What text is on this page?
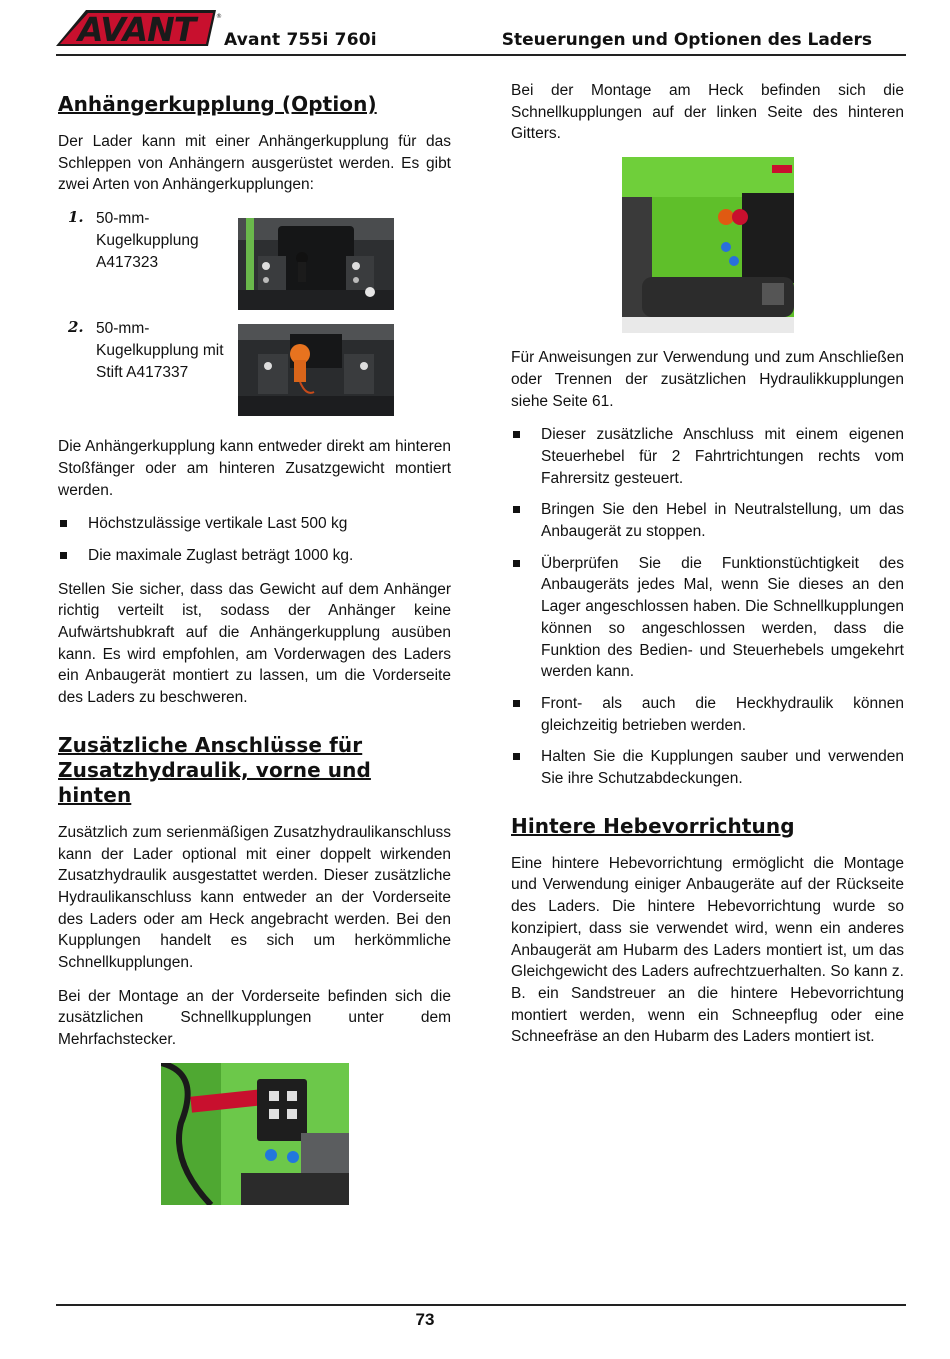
AVANT	®
Avant 755i 760i	Steuerungen und Optionen des Laders
Anhängerkupplung (Option)

Der Lader kann mit einer Anhängerkupplung für das Schleppen von Anhängern ausgerüstet werden. Es gibt zwei Arten von Anhängerkupplungen:

1. 50-mm-Kugelkupplung A417323
2. 50-mm-Kugelkupplung mit Stift A417337

Die Anhängerkupplung kann entweder direkt am hinteren Stoßfänger oder am hinteren Zusatzgewicht montiert werden.

Höchstzulässige vertikale Last 500 kg
Die maximale Zuglast beträgt 1000 kg.

Stellen Sie sicher, dass das Gewicht auf dem Anhänger richtig verteilt ist, sodass der Anhänger keine Aufwärtshubkraft auf die Anhängerkupplung ausüben kann. Es wird empfohlen, am Vorderwagen des Laders ein Anbaugerät montiert zu lassen, um die Vorderseite des Laders zu beschweren.

Zusätzliche Anschlüsse für
Zusatzhydraulik, vorne und hinten

Zusätzlich zum serienmäßigen Zusatzhydraulikanschluss kann der Lader optional mit einer doppelt wirkenden Zusatzhydraulik ausgestattet werden. Dieser zusätzliche Hydraulikanschluss kann entweder an der Vorderseite des Laders oder am Heck angebracht werden. Bei den Kupplungen handelt es sich um herkömmliche Schnellkupplungen.

Bei der Montage an der Vorderseite befinden sich die zusätzlichen Schnellkupplungen unter dem Mehrfachstecker.

Bei der Montage am Heck befinden sich die Schnellkupplungen auf der linken Seite des hinteren Gitters.

Für Anweisungen zur Verwendung und zum Anschließen oder Trennen der zusätzlichen Hydraulikkupplungen siehe Seite 61.

Dieser zusätzliche Anschluss mit einem eigenen Steuerhebel für 2 Fahrtrichtungen rechts vom Fahrersitz gesteuert.
Bringen Sie den Hebel in Neutralstellung, um das Anbaugerät zu stoppen.
Überprüfen Sie die Funktionstüchtigkeit des Anbaugeräts jedes Mal, wenn Sie dieses an den Lager angeschlossen haben. Die Schnellkupplungen können so angeschlossen werden, dass die Funktion des Bedien- und Steuerhebels umgekehrt werden kann.
Front- als auch die Heckhydraulik können gleichzeitig betrieben werden.
Halten Sie die Kupplungen sauber und verwenden Sie ihre Schutzabdeckungen.
Hintere Hebevorrichtung

Eine hintere Hebevorrichtung ermöglicht die Montage und Verwendung einiger Anbaugeräte auf der Rückseite des Laders. Die hintere Hebevorrichtung wurde so konzipiert, dass sie verwendet wird, wenn ein anderes Anbaugerät am Hubarm des Laders montiert ist, um das Gleichgewicht des Laders aufrechtzuerhalten. So kann z. B. ein Sandstreuer an die hintere Hebevorrichtung montiert werden, wenn ein Schneepflug oder eine Schneefräse an den Hubarm des Laders montiert ist.

73
